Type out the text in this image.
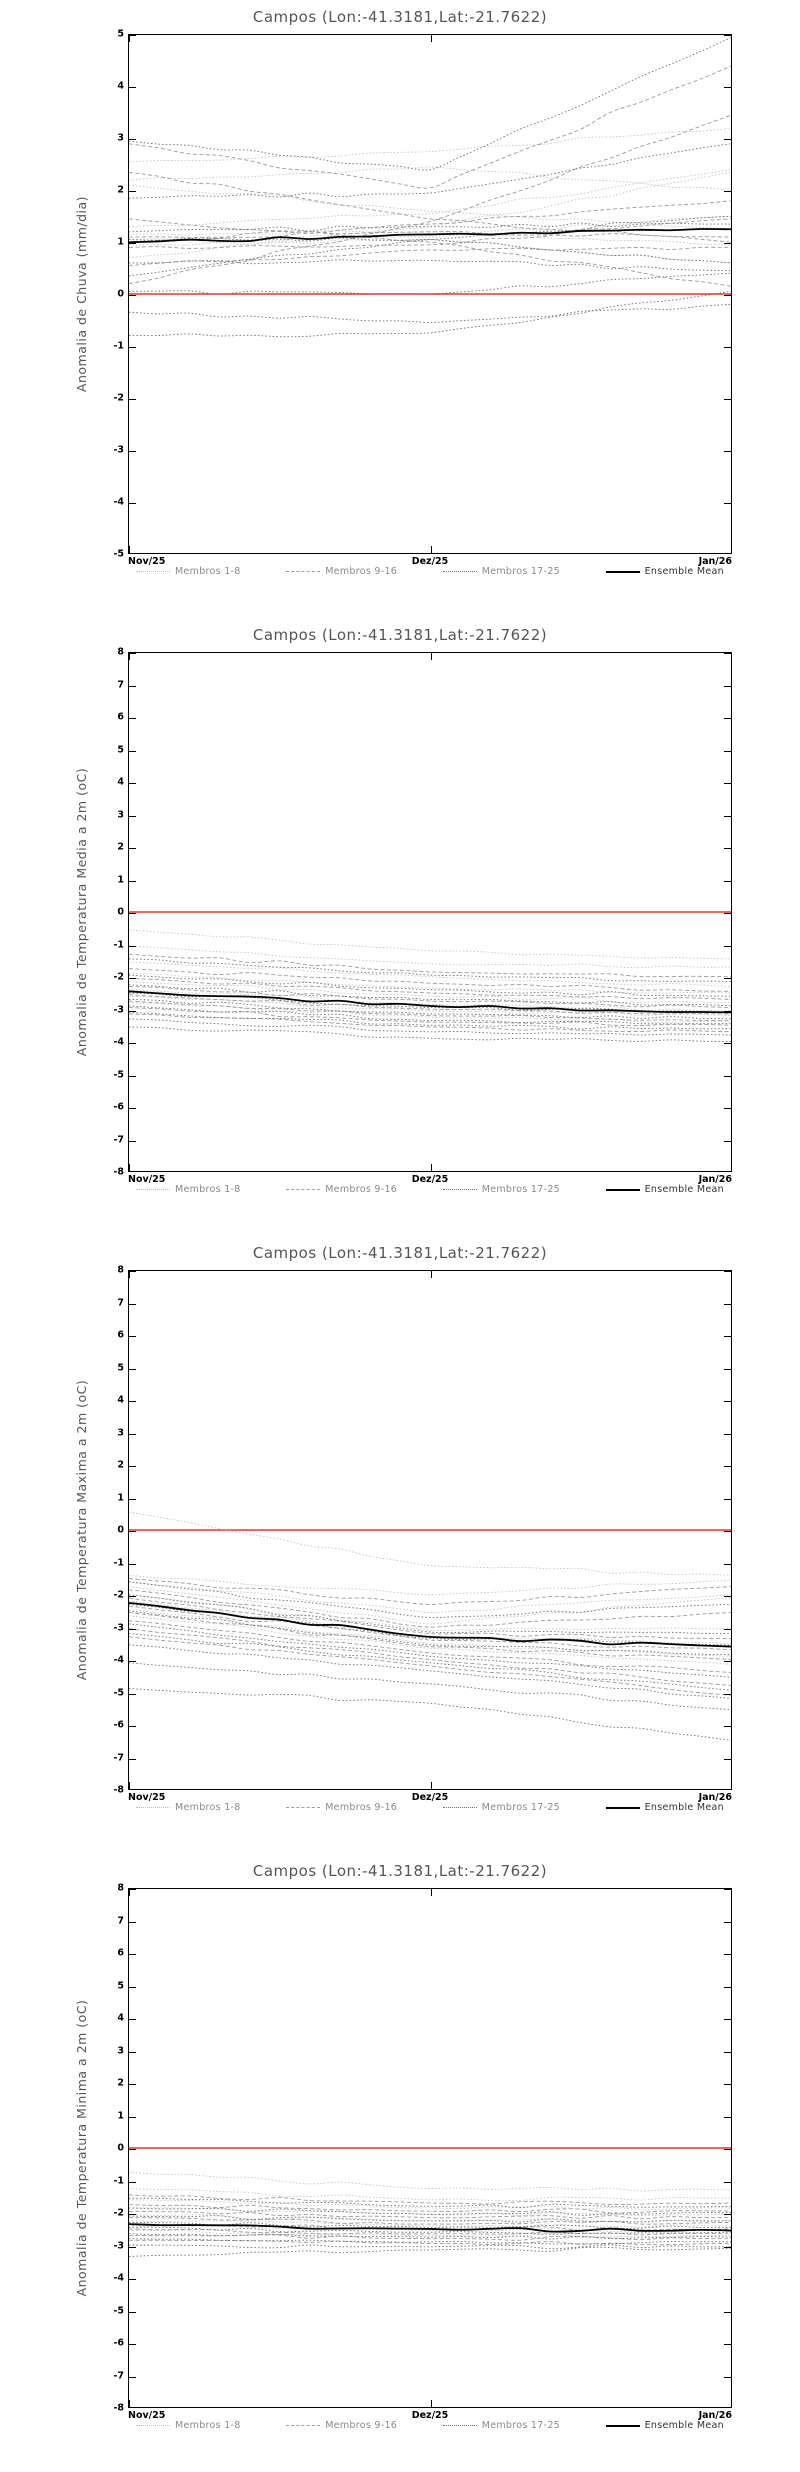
Campos (Lon:-41.3181,Lat:-21.7622)
Anomalia de Chuva (mm/dia)
-5
-4
-3
-2
-1
0
1
2
3
4
5
Nov/25	Dez/25	Jan/26
Membros 1-8	Membros 9-16	Membros 17-25	Ensemble Mean
Campos (Lon:-41.3181,Lat:-21.7622)
Anomalia de Temperatura Media a 2m (oC)
-8
-7
-6
-5
-4
-3
-2
-1
0
1
2
3
4
5
6
7
8
Nov/25	Dez/25	Jan/26
Membros 1-8	Membros 9-16	Membros 17-25	Ensemble Mean
Campos (Lon:-41.3181,Lat:-21.7622)
Anomalia de Temperatura Maxima a 2m (oC)
-8
-7
-6
-5
-4
-3
-2
-1
0
1
2
3
4
5
6
7
8
Nov/25	Dez/25	Jan/26
Membros 1-8	Membros 9-16	Membros 17-25	Ensemble Mean
Campos (Lon:-41.3181,Lat:-21.7622)
Anomalia de Temperatura Minima a 2m (oC)
-8
-7
-6
-5
-4
-3
-2
-1
0
1
2
3
4
5
6
7
8
Nov/25	Dez/25	Jan/26
Membros 1-8	Membros 9-16	Membros 17-25	Ensemble Mean
